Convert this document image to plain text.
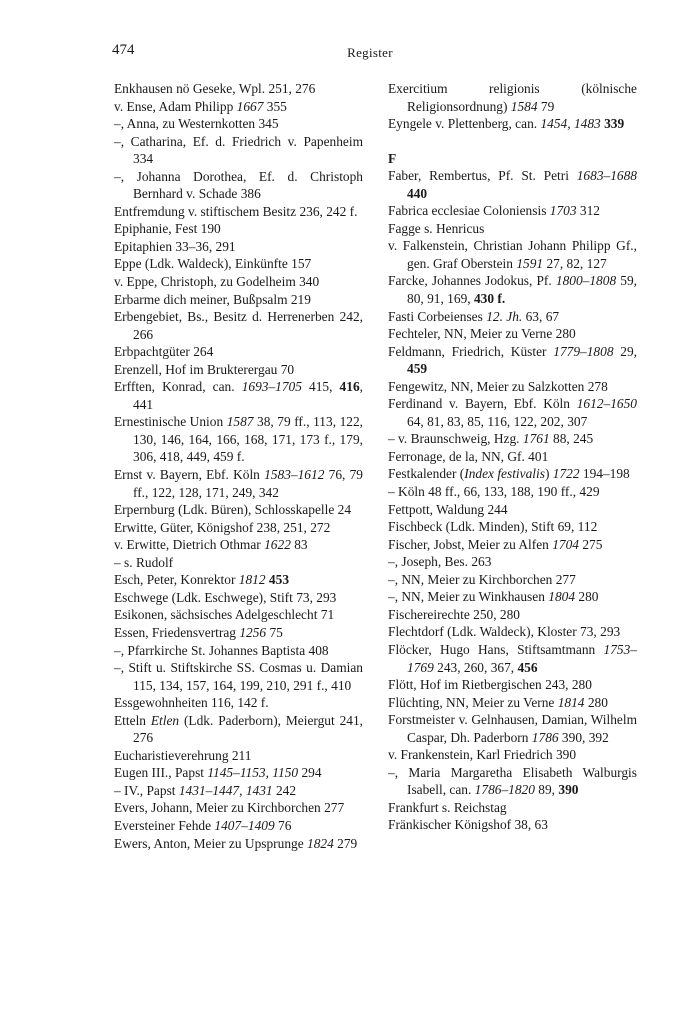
474	Register
Enkhausen nö Geseke, Wpl. 251, 276
v. Ense, Adam Philipp 1667 355
–, Anna, zu Westernkotten 345
–, Catharina, Ef. d. Friedrich v. Papenheim 334
–, Johanna Dorothea, Ef. d. Christoph Bernhard v. Schade 386
Entfremdung v. stiftischem Besitz 236, 242 f.
Epiphanie, Fest 190
Epitaphien 33–36, 291
Eppe (Ldk. Waldeck), Einkünfte 157
v. Eppe, Christoph, zu Godelheim 340
Erbarme dich meiner, Bußpsalm 219
Erbengebiet, Bs., Besitz d. Herrenerben 242, 266
Erbpachtgüter 264
Erenzell, Hof im Brukterergau 70
Erfften, Konrad, can. 1693–1705 415, 416, 441
Ernestinische Union 1587 38, 79 ff., 113, 122, 130, 146, 164, 166, 168, 171, 173 f., 179, 306, 418, 449, 459 f.
Ernst v. Bayern, Ebf. Köln 1583–1612 76, 79 ff., 122, 128, 171, 249, 342
Erpernburg (Ldk. Büren), Schlosskapelle 24
Erwitte, Güter, Königshof 238, 251, 272
v. Erwitte, Dietrich Othmar 1622 83
– s. Rudolf
Esch, Peter, Konrektor 1812 453
Eschwege (Ldk. Eschwege), Stift 73, 293
Esikonen, sächsisches Adelgeschlecht 71
Essen, Friedensvertrag 1256 75
–, Pfarrkirche St. Johannes Baptista 408
–, Stift u. Stiftskirche SS. Cosmas u. Damian 115, 134, 157, 164, 199, 210, 291 f., 410
Essgewohnheiten 116, 142 f.
Etteln Etlen (Ldk. Paderborn), Meiergut 241, 276
Eucharistieverehrung 211
Eugen III., Papst 1145–1153, 1150 294
– IV., Papst 1431–1447, 1431 242
Evers, Johann, Meier zu Kirchborchen 277
Eversteiner Fehde 1407–1409 76
Ewers, Anton, Meier zu Upsprunge 1824 279
Exercitium religionis (kölnische Religionsordnung) 1584 79
Eyngele v. Plettenberg, can. 1454, 1483 339
F
Faber, Rembertus, Pf. St. Petri 1683–1688 440
Fabrica ecclesiae Coloniensis 1703 312
Fagge s. Henricus
v. Falkenstein, Christian Johann Philipp Gf., gen. Graf Oberstein 1591 27, 82, 127
Farcke, Johannes Jodokus, Pf. 1800–1808 59, 80, 91, 169, 430 f.
Fasti Corbeienses 12. Jh. 63, 67
Fechteler, NN, Meier zu Verne 280
Feldmann, Friedrich, Küster 1779–1808 29, 459
Fengewitz, NN, Meier zu Salzkotten 278
Ferdinand v. Bayern, Ebf. Köln 1612–1650 64, 81, 83, 85, 116, 122, 202, 307
– v. Braunschweig, Hzg. 1761 88, 245
Ferronage, de la, NN, Gf. 401
Festkalender (Index festivalis) 1722 194–198
– Köln 48 ff., 66, 133, 188, 190 ff., 429
Fettpott, Waldung 244
Fischbeck (Ldk. Minden), Stift 69, 112
Fischer, Jobst, Meier zu Alfen 1704 275
–, Joseph, Bes. 263
–, NN, Meier zu Kirchborchen 277
–, NN, Meier zu Winkhausen 1804 280
Fischereirechte 250, 280
Flechtdorf (Ldk. Waldeck), Kloster 73, 293
Flöcker, Hugo Hans, Stiftsamtmann 1753–1769 243, 260, 367, 456
Flött, Hof im Rietbergischen 243, 280
Flüchting, NN, Meier zu Verne 1814 280
Forstmeister v. Gelnhausen, Damian, Wilhelm Caspar, Dh. Paderborn 1786 390, 392
v. Frankenstein, Karl Friedrich 390
–, Maria Margaretha Elisabeth Walburgis Isabell, can. 1786–1820 89, 390
Frankfurt s. Reichstag
Fränkischer Königshof 38, 63
